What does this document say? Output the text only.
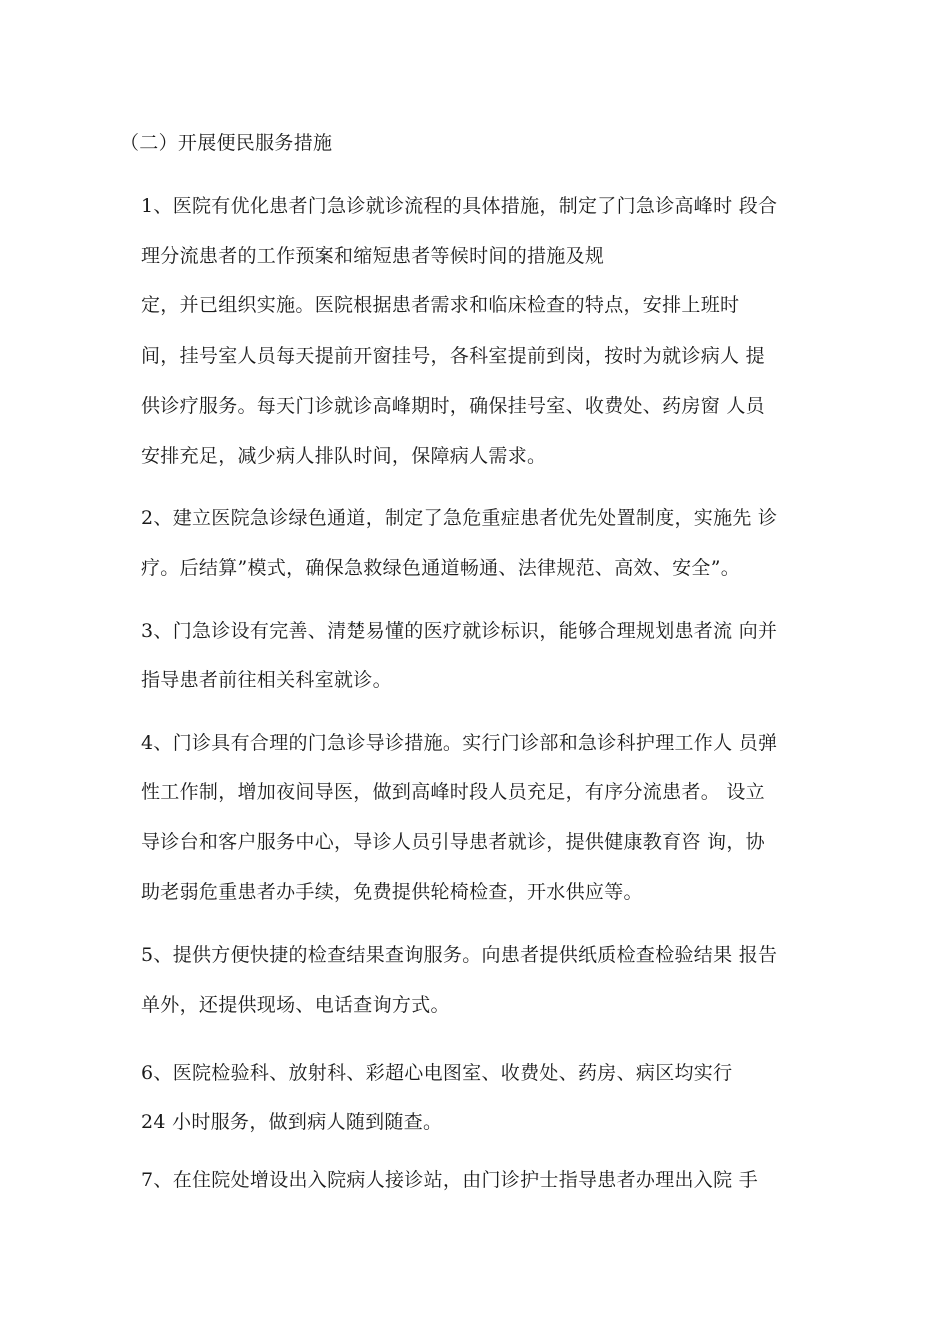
（二）开展便民服务措施
1、医院有优化患者门急诊就诊流程的具体措施，制定了门急诊高峰时 段合
理分流患者的工作预案和缩短患者等候时间的措施及规
定，并已组织实施。医院根据患者需求和临床检查的特点，安排上班时
间，挂号室人员每天提前开窗挂号，各科室提前到岗，按时为就诊病人 提
供诊疗服务。每天门诊就诊高峰期时，确保挂号室、收费处、药房窗 人员
安排充足，减少病人排队时间，保障病人需求。
2、建立医院急诊绿色通道，制定了急危重症患者优先处置制度，实施先 诊
疗。后结算”模式，确保急救绿色通道畅通、法律规范、高效、安全”。
3、门急诊设有完善、清楚易懂的医疗就诊标识，能够合理规划患者流 向并
指导患者前往相关科室就诊。
4、门诊具有合理的门急诊导诊措施。实行门诊部和急诊科护理工作人 员弹
性工作制，增加夜间导医，做到高峰时段人员充足，有序分流患者。 设立
导诊台和客户服务中心，导诊人员引导患者就诊，提供健康教育咨 询，协
助老弱危重患者办手续，免费提供轮椅检查，开水供应等。
5、提供方便快捷的检查结果查询服务。向患者提供纸质检查检验结果 报告
单外，还提供现场、电话查询方式。
6、医院检验科、放射科、彩超心电图室、收费处、药房、病区均实行
24 小时服务，做到病人随到随查。
7、在住院处增设出入院病人接诊站，由门诊护士指导患者办理出入院 手
